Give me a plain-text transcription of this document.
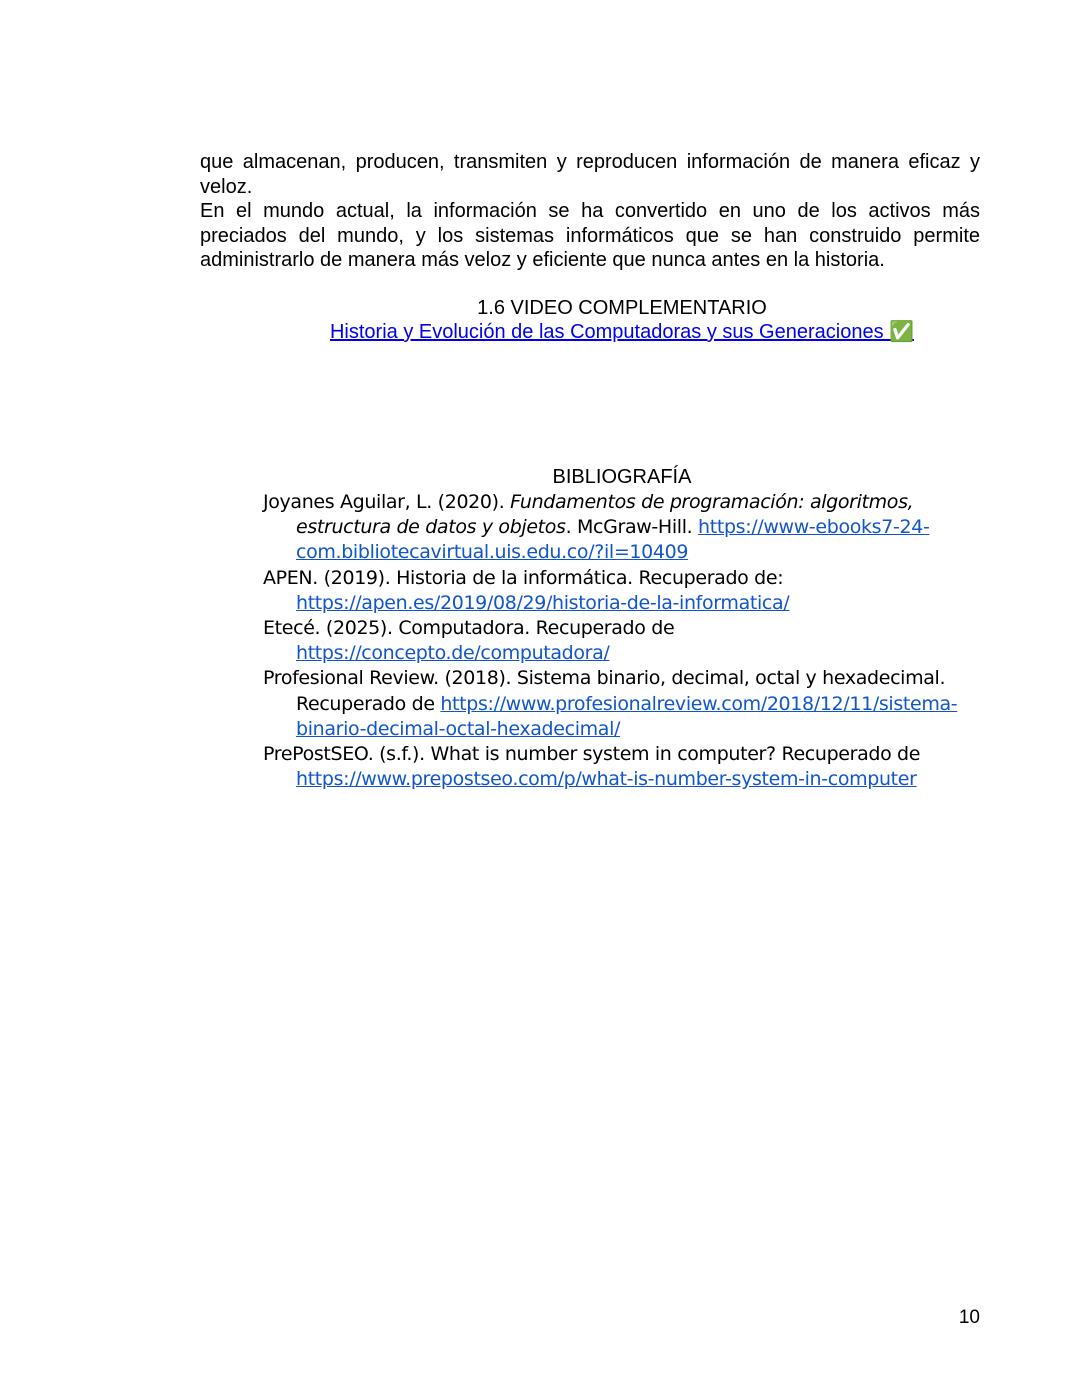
que almacenan, producen, transmiten y reproducen información de manera eficaz y veloz.

En el mundo actual, la información se ha convertido en uno de los activos más preciados del mundo, y los sistemas informáticos que se han construido permite administrarlo de manera más veloz y eficiente que nunca antes en la historia.

1.6 VIDEO COMPLEMENTARIO
Historia y Evolución de las Computadoras y sus Generaciones ✅
BIBLIOGRAFÍA

Joyanes Aguilar, L. (2020). Fundamentos de programación: algoritmos, estructura de datos y objetos. McGraw-Hill. https://www-ebooks7-24-com.bibliotecavirtual.uis.edu.co/?il=10409

APEN. (2019). Historia de la informática. Recuperado de: https://apen.es/2019/08/29/historia-de-la-informatica/

Etecé. (2025). Computadora. Recuperado de https://concepto.de/computadora/

Profesional Review. (2018). Sistema binario, decimal, octal y hexadecimal. Recuperado de https://www.profesionalreview.com/2018/12/11/sistema-binario-decimal-octal-hexadecimal/

PrePostSEO. (s.f.). What is number system in computer? Recuperado de https://www.prepostseo.com/p/what-is-number-system-in-computer

10
